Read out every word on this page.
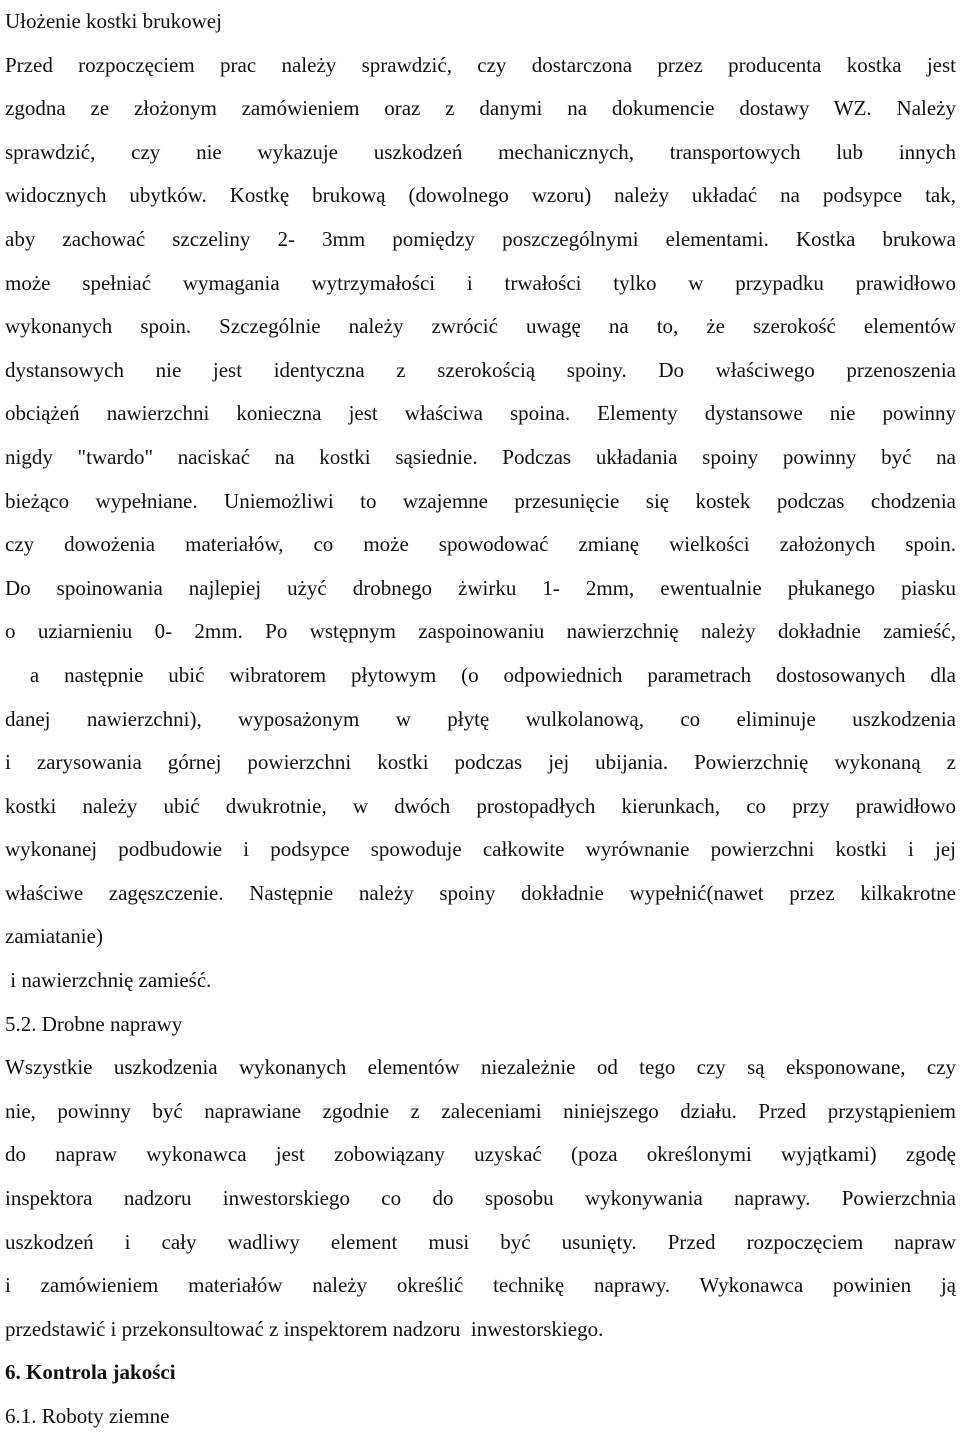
Ułożenie kostki brukowej
Przed rozpoczęciem prac należy sprawdzić, czy dostarczona przez producenta kostka jest
zgodna ze złożonym zamówieniem oraz z danymi na dokumencie dostawy WZ. Należy
sprawdzić, czy nie wykazuje uszkodzeń mechanicznych, transportowych lub innych
widocznych ubytków. Kostkę brukową (dowolnego wzoru) należy układać na podsypce tak,
aby zachować szczeliny 2- 3mm pomiędzy poszczególnymi elementami. Kostka brukowa
może spełniać wymagania wytrzymałości i trwałości tylko w przypadku prawidłowo
wykonanych spoin. Szczególnie należy zwrócić uwagę na to, że szerokość elementów
dystansowych nie jest identyczna z szerokością spoiny. Do właściwego przenoszenia
obciążeń nawierzchni konieczna jest właściwa spoina. Elementy dystansowe nie powinny
nigdy "twardo" naciskać na kostki sąsiednie. Podczas układania spoiny powinny być na
bieżąco wypełniane. Uniemożliwi to wzajemne przesunięcie się kostek podczas chodzenia
czy dowożenia materiałów, co może spowodować zmianę wielkości założonych spoin.
Do spoinowania najlepiej użyć drobnego żwirku 1- 2mm, ewentualnie płukanego piasku
o uziarnieniu 0- 2mm. Po wstępnym zaspoinowaniu nawierzchnię należy dokładnie zamieść,
a następnie ubić wibratorem płytowym (o odpowiednich parametrach dostosowanych dla
danej nawierzchni), wyposażonym w płytę wulkolanową, co eliminuje uszkodzenia
i zarysowania górnej powierzchni kostki podczas jej ubijania. Powierzchnię wykonaną z
kostki należy ubić dwukrotnie, w dwóch prostopadłych kierunkach, co przy prawidłowo
wykonanej podbudowie i podsypce spowoduje całkowite wyrównanie powierzchni kostki i jej
właściwe zagęszczenie. Następnie należy spoiny dokładnie wypełnić(nawet przez kilkakrotne
zamiatanie)
i nawierzchnię zamieść.
5.2. Drobne naprawy
Wszystkie uszkodzenia wykonanych elementów niezależnie od tego czy są eksponowane, czy
nie, powinny być naprawiane zgodnie z zaleceniami niniejszego działu. Przed przystąpieniem
do napraw wykonawca jest zobowiązany uzyskać (poza określonymi wyjątkami) zgodę
inspektora nadzoru inwestorskiego co do sposobu wykonywania naprawy. Powierzchnia
uszkodzeń i cały wadliwy element musi być usunięty. Przed rozpoczęciem napraw
i zamówieniem materiałów należy określić technikę naprawy. Wykonawca powinien ją
przedstawić i przekonsultować z inspektorem nadzoru  inwestorskiego.
6. Kontrola jakości
6.1. Roboty ziemne
